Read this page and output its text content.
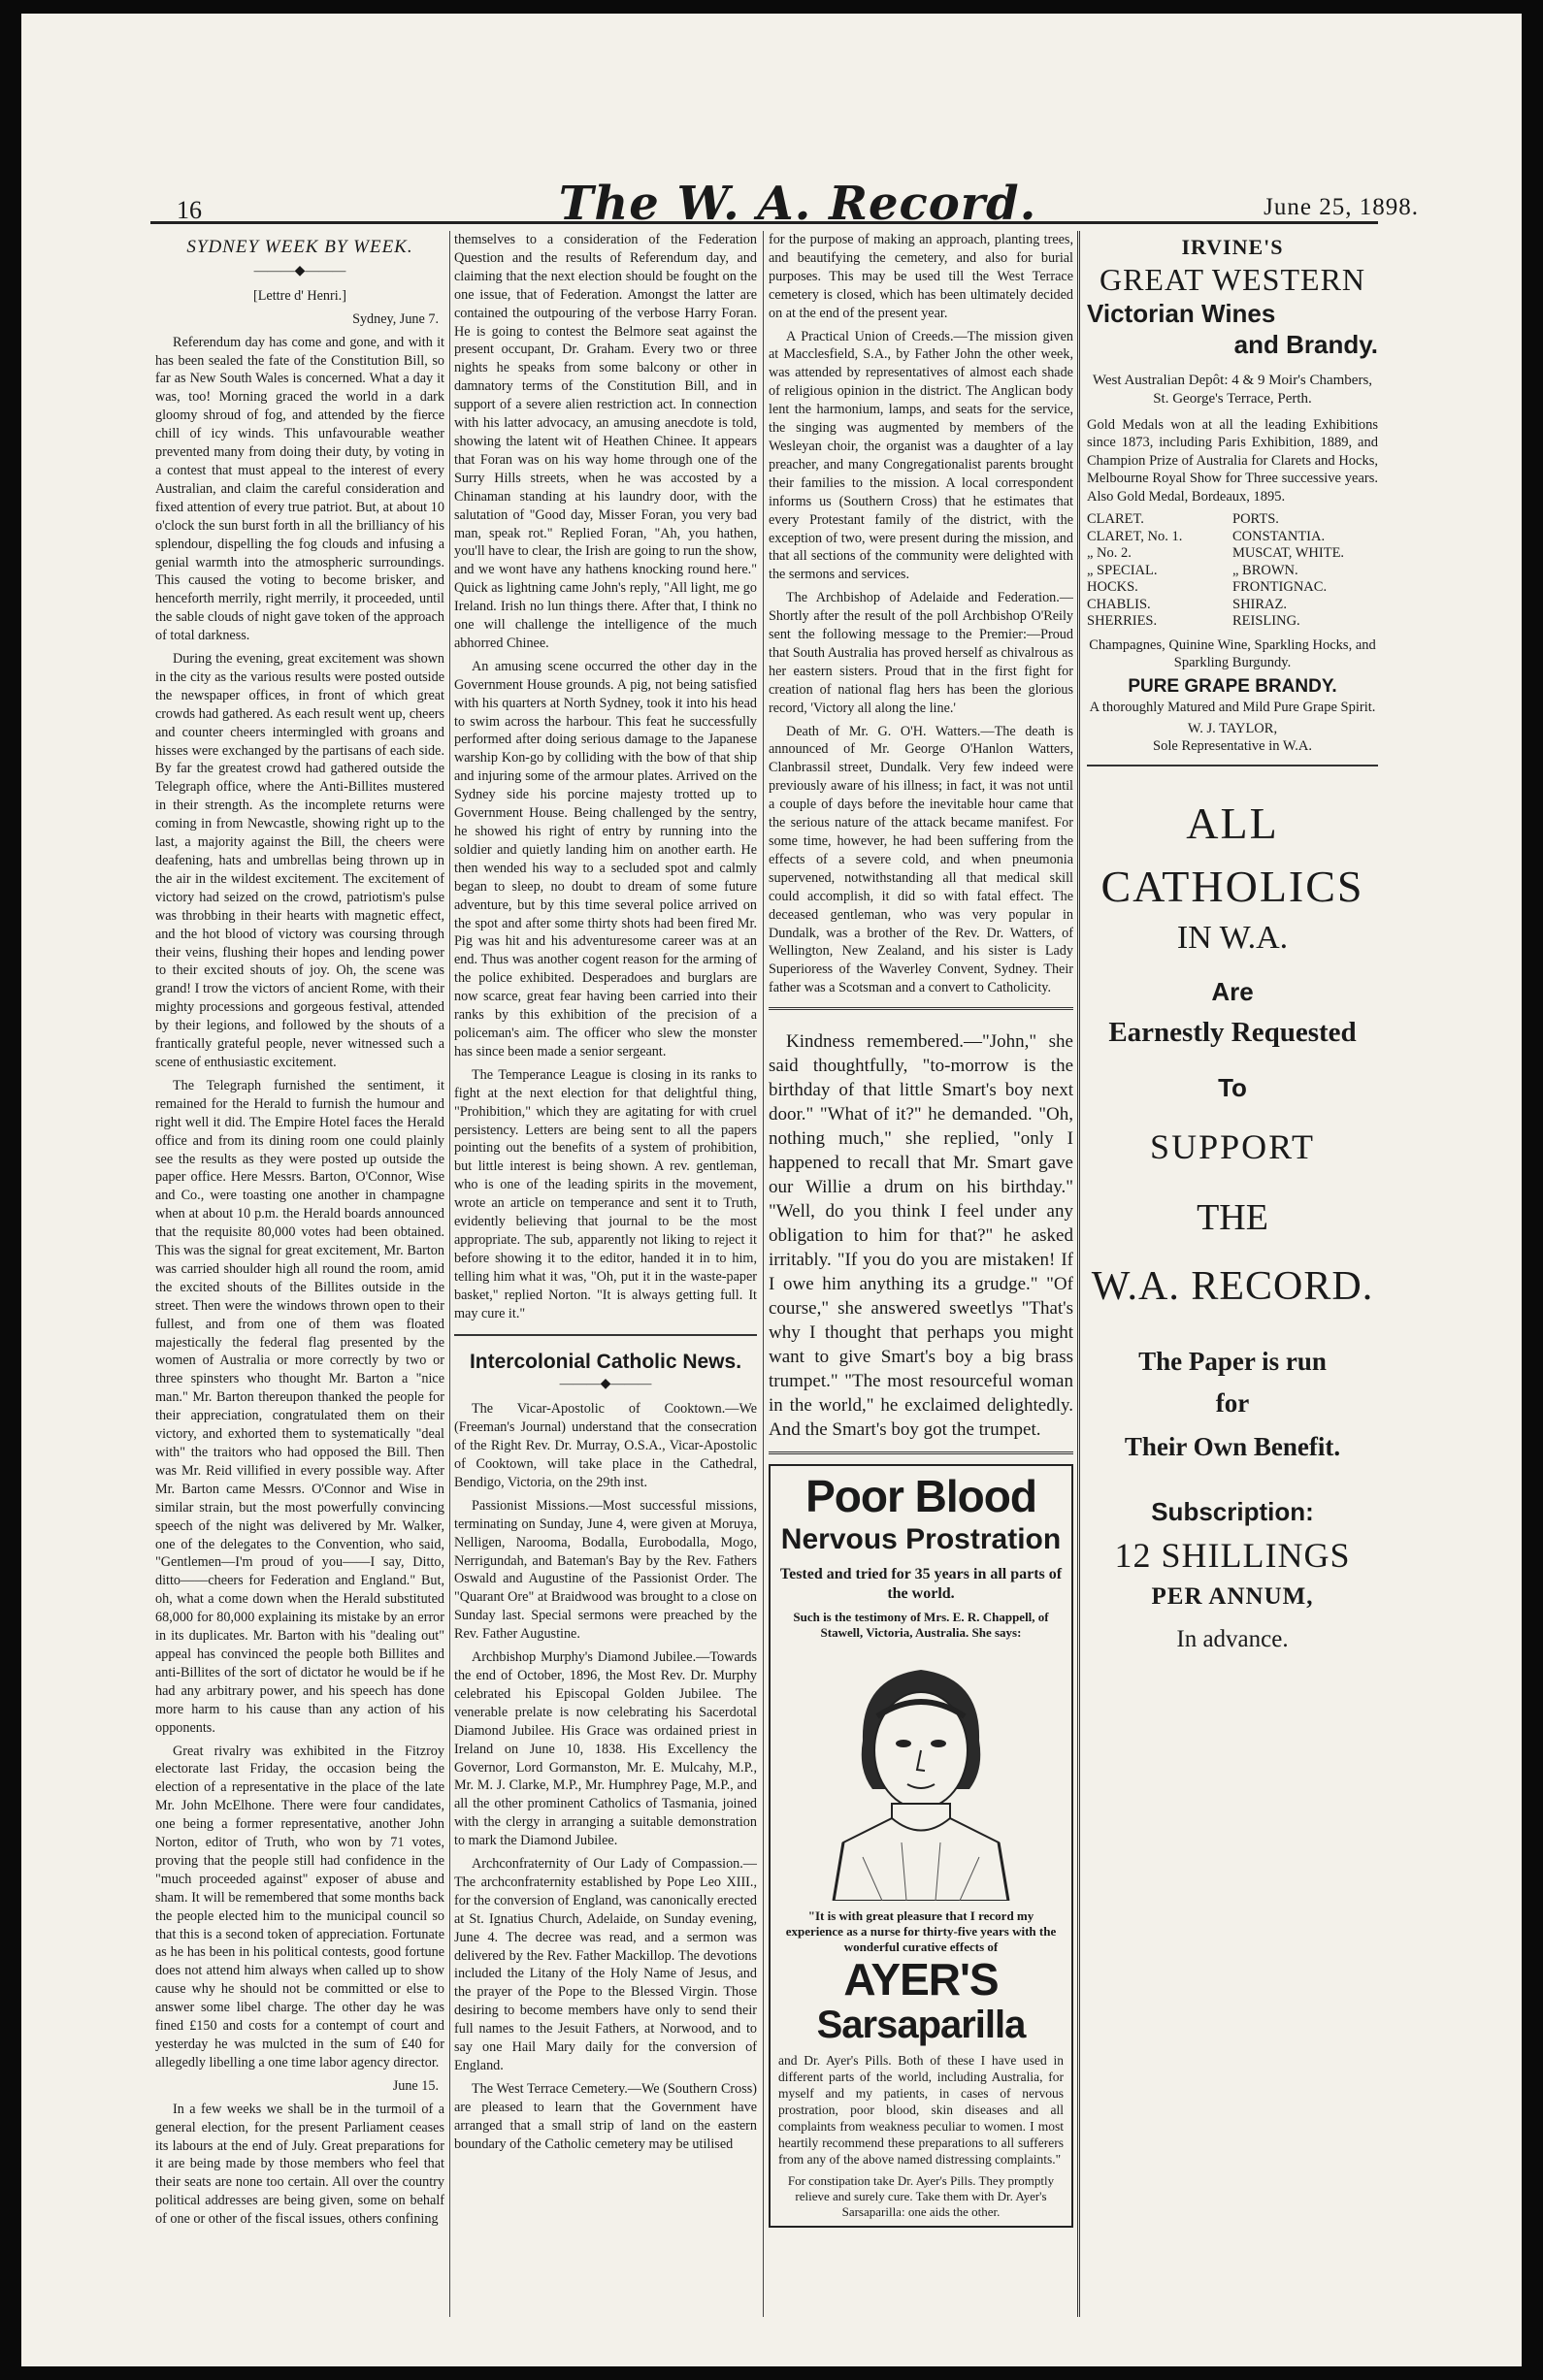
16	The W. A. Record.	June 25, 1898.
SYDNEY WEEK BY WEEK.
———◆———

[Lettre d' Henri.]

Sydney, June 7.

Referendum day has come and gone, and with it has been sealed the fate of the Constitution Bill, so far as New South Wales is concerned. What a day it was, too! Morning graced the world in a dark gloomy shroud of fog, and attended by the fierce chill of icy winds. This unfavourable weather prevented many from doing their duty, by voting in a contest that must appeal to the interest of every Australian, and claim the careful consideration and fixed attention of every true patriot. But, at about 10 o'clock the sun burst forth in all the brilliancy of his splendour, dispelling the fog clouds and infusing a genial warmth into the atmospheric surroundings. This caused the voting to become brisker, and henceforth merrily, right merrily, it proceeded, until the sable clouds of night gave token of the approach of total darkness.

During the evening, great excitement was shown in the city as the various results were posted outside the newspaper offices, in front of which great crowds had gathered. As each result went up, cheers and counter cheers intermingled with groans and hisses were exchanged by the partisans of each side. By far the greatest crowd had gathered outside the Telegraph office, where the Anti-Billites mustered in their strength. As the incomplete returns were coming in from Newcastle, showing right up to the last, a majority against the Bill, the cheers were deafening, hats and umbrellas being thrown up in the air in the wildest excitement. The excitement of victory had seized on the crowd, patriotism's pulse was throbbing in their hearts with magnetic effect, and the hot blood of victory was coursing through their veins, flushing their hopes and lending power to their excited shouts of joy. Oh, the scene was grand! I trow the victors of ancient Rome, with their mighty processions and gorgeous festival, attended by their legions, and followed by the shouts of a frantically grateful people, never witnessed such a scene of enthusiastic excitement.

The Telegraph furnished the sentiment, it remained for the Herald to furnish the humour and right well it did. The Empire Hotel faces the Herald office and from its dining room one could plainly see the results as they were posted up outside the paper office. Here Messrs. Barton, O'Connor, Wise and Co., were toasting one another in champagne when at about 10 p.m. the Herald boards announced that the requisite 80,000 votes had been obtained. This was the signal for great excitement, Mr. Barton was carried shoulder high all round the room, amid the excited shouts of the Billites outside in the street. Then were the windows thrown open to their fullest, and from one of them was floated majestically the federal flag presented by the women of Australia or more correctly by two or three spinsters who thought Mr. Barton a "nice man." Mr. Barton thereupon thanked the people for their appreciation, congratulated them on their victory, and exhorted them to systematically "deal with" the traitors who had opposed the Bill. Then was Mr. Reid villified in every possible way. After Mr. Barton came Messrs. O'Connor and Wise in similar strain, but the most powerfully convincing speech of the night was delivered by Mr. Walker, one of the delegates to the Convention, who said, "Gentlemen—I'm proud of you——I say, Ditto, ditto——cheers for Federation and England." But, oh, what a come down when the Herald substituted 68,000 for 80,000 explaining its mistake by an error in its duplicates. Mr. Barton with his "dealing out" appeal has convinced the people both Billites and anti-Billites of the sort of dictator he would be if he had any arbitrary power, and his speech has done more harm to his cause than any action of his opponents.

Great rivalry was exhibited in the Fitzroy electorate last Friday, the occasion being the election of a representative in the place of the late Mr. John McElhone. There were four candidates, one being a former representative, another John Norton, editor of Truth, who won by 71 votes, proving that the people still had confidence in the "much proceeded against" exposer of abuse and sham. It will be remembered that some months back the people elected him to the municipal council so that this is a second token of appreciation. Fortunate as he has been in his political contests, good fortune does not attend him always when called up to show cause why he should not be committed or else to answer some libel charge. The other day he was fined £150 and costs for a contempt of court and yesterday he was mulcted in the sum of £40 for allegedly libelling a one time labor agency director.

June 15.

In a few weeks we shall be in the turmoil of a general election, for the present Parliament ceases its labours at the end of July. Great preparations for it are being made by those members who feel that their seats are none too certain. All over the country political addresses are being given, some on behalf of one or other of the fiscal issues, others confining

themselves to a consideration of the Federation Question and the results of Referendum day, and claiming that the next election should be fought on the one issue, that of Federation. Amongst the latter are contained the outpouring of the verbose Harry Foran. He is going to contest the Belmore seat against the present occupant, Dr. Graham. Every two or three nights he speaks from some balcony or other in damnatory terms of the Constitution Bill, and in support of a severe alien restriction act. In connection with his latter advocacy, an amusing anecdote is told, showing the latent wit of Heathen Chinee. It appears that Foran was on his way home through one of the Surry Hills streets, when he was accosted by a Chinaman standing at his laundry door, with the salutation of "Good day, Misser Foran, you very bad man, speak rot." Replied Foran, "Ah, you hathen, you'll have to clear, the Irish are going to run the show, and we wont have any hathens knocking round here." Quick as lightning came John's reply, "All light, me go Ireland. Irish no lun things there. After that, I think no one will challenge the intelligence of the much abhorred Chinee.

An amusing scene occurred the other day in the Government House grounds. A pig, not being satisfied with his quarters at North Sydney, took it into his head to swim across the harbour. This feat he successfully performed after doing serious damage to the Japanese warship Kon-go by colliding with the bow of that ship and injuring some of the armour plates. Arrived on the Sydney side his porcine majesty trotted up to Government House. Being challenged by the sentry, he showed his right of entry by running into the soldier and quietly landing him on another earth. He then wended his way to a secluded spot and calmly began to sleep, no doubt to dream of some future adventure, but by this time several police arrived on the spot and after some thirty shots had been fired Mr. Pig was hit and his adventuresome career was at an end. Thus was another cogent reason for the arming of the police exhibited. Desperadoes and burglars are now scarce, great fear having been carried into their ranks by this exhibition of the precision of a policeman's aim. The officer who slew the monster has since been made a senior sergeant.

The Temperance League is closing in its ranks to fight at the next election for that delightful thing, "Prohibition," which they are agitating for with cruel persistency. Letters are being sent to all the papers pointing out the benefits of a system of prohibition, but little interest is being shown. A rev. gentleman, who is one of the leading spirits in the movement, wrote an article on temperance and sent it to Truth, evidently believing that journal to be the most appropriate. The sub, apparently not liking to reject it before showing it to the editor, handed it in to him, telling him what it was, "Oh, put it in the waste-paper basket," replied Norton. "It is always getting full. It may cure it."

Intercolonial Catholic News.
———◆———

The Vicar-Apostolic of Cooktown.—We (Freeman's Journal) understand that the consecration of the Right Rev. Dr. Murray, O.S.A., Vicar-Apostolic of Cooktown, will take place in the Cathedral, Bendigo, Victoria, on the 29th inst.

Passionist Missions.—Most successful missions, terminating on Sunday, June 4, were given at Moruya, Nelligen, Narooma, Bodalla, Eurobodalla, Mogo, Nerrigundah, and Bateman's Bay by the Rev. Fathers Oswald and Augustine of the Passionist Order. The "Quarant Ore" at Braidwood was brought to a close on Sunday last. Special sermons were preached by the Rev. Father Augustine.

Archbishop Murphy's Diamond Jubilee.—Towards the end of October, 1896, the Most Rev. Dr. Murphy celebrated his Episcopal Golden Jubilee. The venerable prelate is now celebrating his Sacerdotal Diamond Jubilee. His Grace was ordained priest in Ireland on June 10, 1838. His Excellency the Governor, Lord Gormanston, Mr. E. Mulcahy, M.P., Mr. M. J. Clarke, M.P., Mr. Humphrey Page, M.P., and all the other prominent Catholics of Tasmania, joined with the clergy in arranging a suitable demonstration to mark the Diamond Jubilee.

Archconfraternity of Our Lady of Compassion.—The archconfraternity established by Pope Leo XIII., for the conversion of England, was canonically erected at St. Ignatius Church, Adelaide, on Sunday evening, June 4. The decree was read, and a sermon was delivered by the Rev. Father Mackillop. The devotions included the Litany of the Holy Name of Jesus, and the prayer of the Pope to the Blessed Virgin. Those desiring to become members have only to send their full names to the Jesuit Fathers, at Norwood, and to say one Hail Mary daily for the conversion of England.

The West Terrace Cemetery.—We (Southern Cross) are pleased to learn that the Government have arranged that a small strip of land on the eastern boundary of the Catholic cemetery may be utilised

for the purpose of making an approach, planting trees, and beautifying the cemetery, and also for burial purposes. This may be used till the West Terrace cemetery is closed, which has been ultimately decided on at the end of the present year.

A Practical Union of Creeds.—The mission given at Macclesfield, S.A., by Father John the other week, was attended by representatives of almost each shade of religious opinion in the district. The Anglican body lent the harmonium, lamps, and seats for the service, the singing was augmented by members of the Wesleyan choir, the organist was a daughter of a lay preacher, and many Congregationalist parents brought their families to the mission. A local correspondent informs us (Southern Cross) that he estimates that every Protestant family of the district, with the exception of two, were present during the mission, and that all sections of the community were delighted with the sermons and services.

The Archbishop of Adelaide and Federation.—Shortly after the result of the poll Archbishop O'Reily sent the following message to the Premier:—Proud that South Australia has proved herself as chivalrous as her eastern sisters. Proud that in the first fight for creation of national flag hers has been the glorious record, 'Victory all along the line.'

Death of Mr. G. O'H. Watters.—The death is announced of Mr. George O'Hanlon Watters, Clanbrassil street, Dundalk. Very few indeed were previously aware of his illness; in fact, it was not until a couple of days before the inevitable hour came that the serious nature of the attack became manifest. For some time, however, he had been suffering from the effects of a severe cold, and when pneumonia supervened, notwithstanding all that medical skill could accomplish, it did so with fatal effect. The deceased gentleman, who was very popular in Dundalk, was a brother of the Rev. Dr. Watters, of Wellington, New Zealand, and his sister is Lady Superioress of the Waverley Convent, Sydney. Their father was a Scotsman and a convert to Catholicity.

Kindness remembered.—"John," she said thoughtfully, "to-morrow is the birthday of that little Smart's boy next door." "What of it?" he demanded. "Oh, nothing much," she replied, "only I happened to recall that Mr. Smart gave our Willie a drum on his birthday." "Well, do you think I feel under any obligation to him for that?" he asked irritably. "If you do you are mistaken! If I owe him anything its a grudge." "Of course," she answered sweetlys "That's why I thought that perhaps you might want to give Smart's boy a big brass trumpet." "The most resourceful woman in the world," he exclaimed delightedly. And the Smart's boy got the trumpet.

Poor Blood
Nervous Prostration
Tested and tried for 35 years in all parts of the world.
Such is the testimony of Mrs. E. R. Chappell, of Stawell, Victoria, Australia. She says:
"It is with great pleasure that I record my experience as a nurse for thirty-five years with the wonderful curative effects of
AYER'S
Sarsaparilla
and Dr. Ayer's Pills. Both of these I have used in different parts of the world, including Australia, for myself and my patients, in cases of nervous prostration, poor blood, skin diseases and all complaints from weakness peculiar to women. I most heartily recommend these preparations to all sufferers from any of the above named distressing complaints."
For constipation take Dr. Ayer's Pills. They promptly relieve and surely cure. Take them with Dr. Ayer's Sarsaparilla: one aids the other.
IRVINE'S
GREAT WESTERN
Victorian Wines
and Brandy.
West Australian Depôt: 4 & 9 Moir's Chambers, St. George's Terrace, Perth.
Gold Medals won at all the leading Exhibitions since 1873, including Paris Exhibition, 1889, and Champion Prize of Australia for Clarets and Hocks, Melbourne Royal Show for Three successive years. Also Gold Medal, Bordeaux, 1895.
CLARET.	PORTS.
CLARET, No. 1.	CONSTANTIA.
„ No. 2.	MUSCAT, WHITE.
„ SPECIAL.	„ BROWN.
HOCKS.	FRONTIGNAC.
CHABLIS.	SHIRAZ.
SHERRIES.	REISLING.
Champagnes, Quinine Wine, Sparkling Hocks, and Sparkling Burgundy.
PURE GRAPE BRANDY.
A thoroughly Matured and Mild Pure Grape Spirit.
W. J. TAYLOR,
Sole Representative in W.A.
ALL
CATHOLICS
IN W.A.
Are
Earnestly Requested
To
SUPPORT
THE
W.A. RECORD.
The Paper is run
for
Their Own Benefit.
Subscription:
12 SHILLINGS
PER ANNUM,
In advance.
